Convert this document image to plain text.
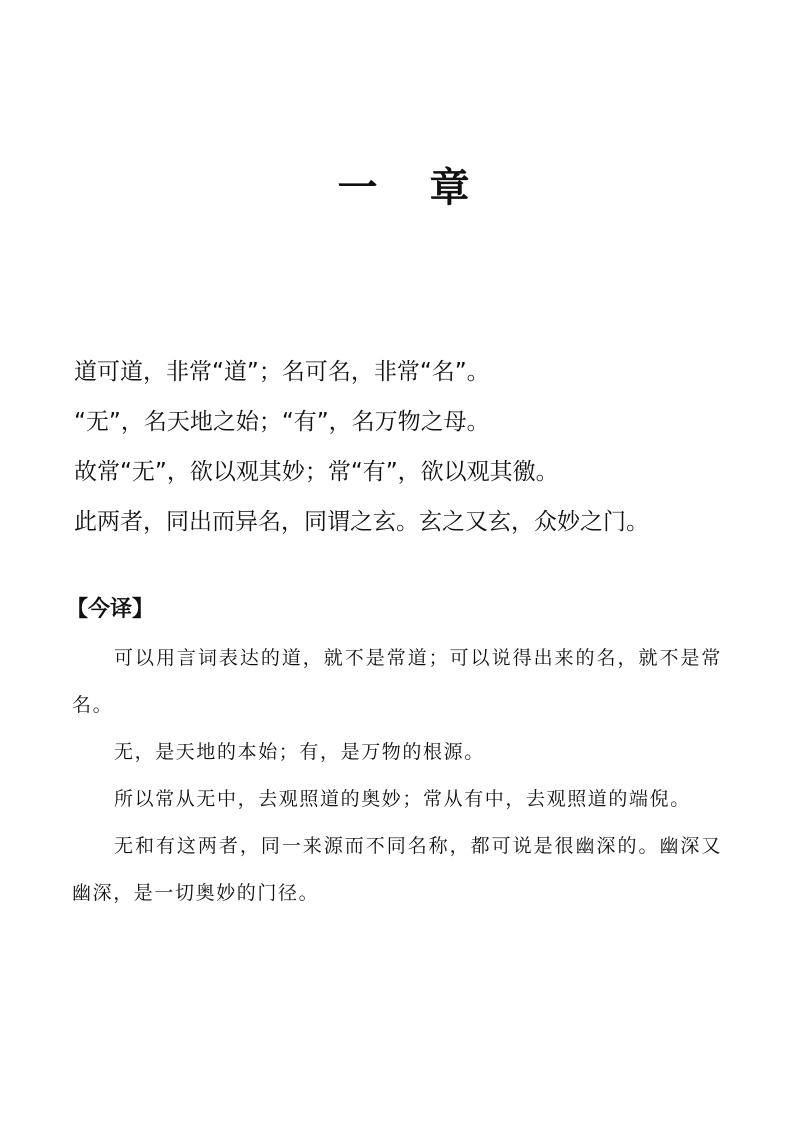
一章
道可道，非常“道”；名可名，非常“名”。
“无”，名天地之始；“有”，名万物之母。
故常“无”，欲以观其妙；常“有”，欲以观其徼。
此两者，同出而异名，同谓之玄。玄之又玄，众妙之门。
【今译】

可以用言词表达的道，就不是常道；可以说得出来的名，就不是常名。

无，是天地的本始；有，是万物的根源。

所以常从无中，去观照道的奥妙；常从有中，去观照道的端倪。

无和有这两者，同一来源而不同名称，都可说是很幽深的。幽深又幽深，是一切奥妙的门径。
